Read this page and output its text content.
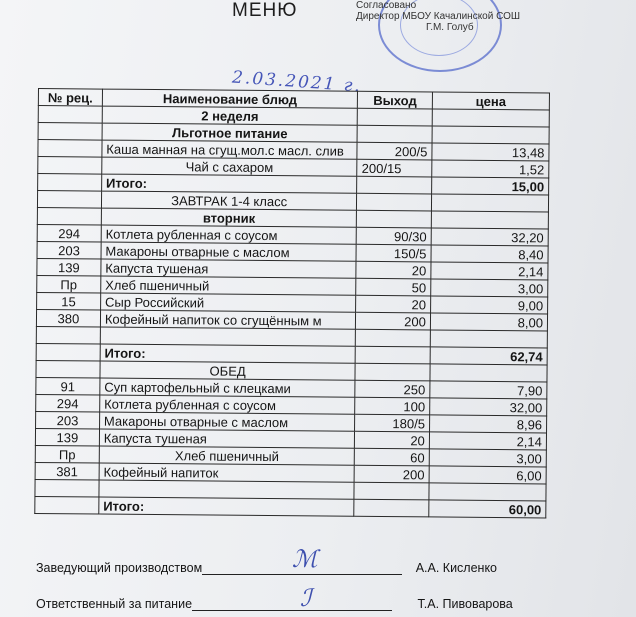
МЕНЮ	Согласовано
Директор МБОУ Качалинской СОШ
Г.М. Голуб
2.03.2021 г.
№ рец.	Наименование блюд	Выход	цена
	2 неделя		
	Льготное питание		
	Каша манная на сгущ.мол.с масл. слив	200/5	13,48
	Чай с сахаром	200/15	1,52
	Итого:		15,00
	ЗАВТРАК 1-4 класс		
	вторник		
294	Котлета рубленная с соусом	90/30	32,20
203	Макароны отварные с маслом	150/5	8,40
139	Капуста тушеная	20	2,14
Пр	Хлеб пшеничный	50	3,00
15	Сыр Российский	20	9,00
380	Кофейный напиток со сгущённым м	200	8,00

	Итого:		62,74
	ОБЕД		
91	Суп картофельный с клецками	250	7,90
294	Котлета рубленная с соусом	100	32,00
203	Макароны отварные с маслом	180/5	8,96
139	Капуста тушеная	20	2,14
Пр	Хлеб пшеничный	60	3,00
381	Кофейный напиток	200	6,00

	Итого:		60,00
Заведующий производством	А.А. Кисленко
ℳ
Ответственный за питание	Т.А. Пивоварова
ℐ
